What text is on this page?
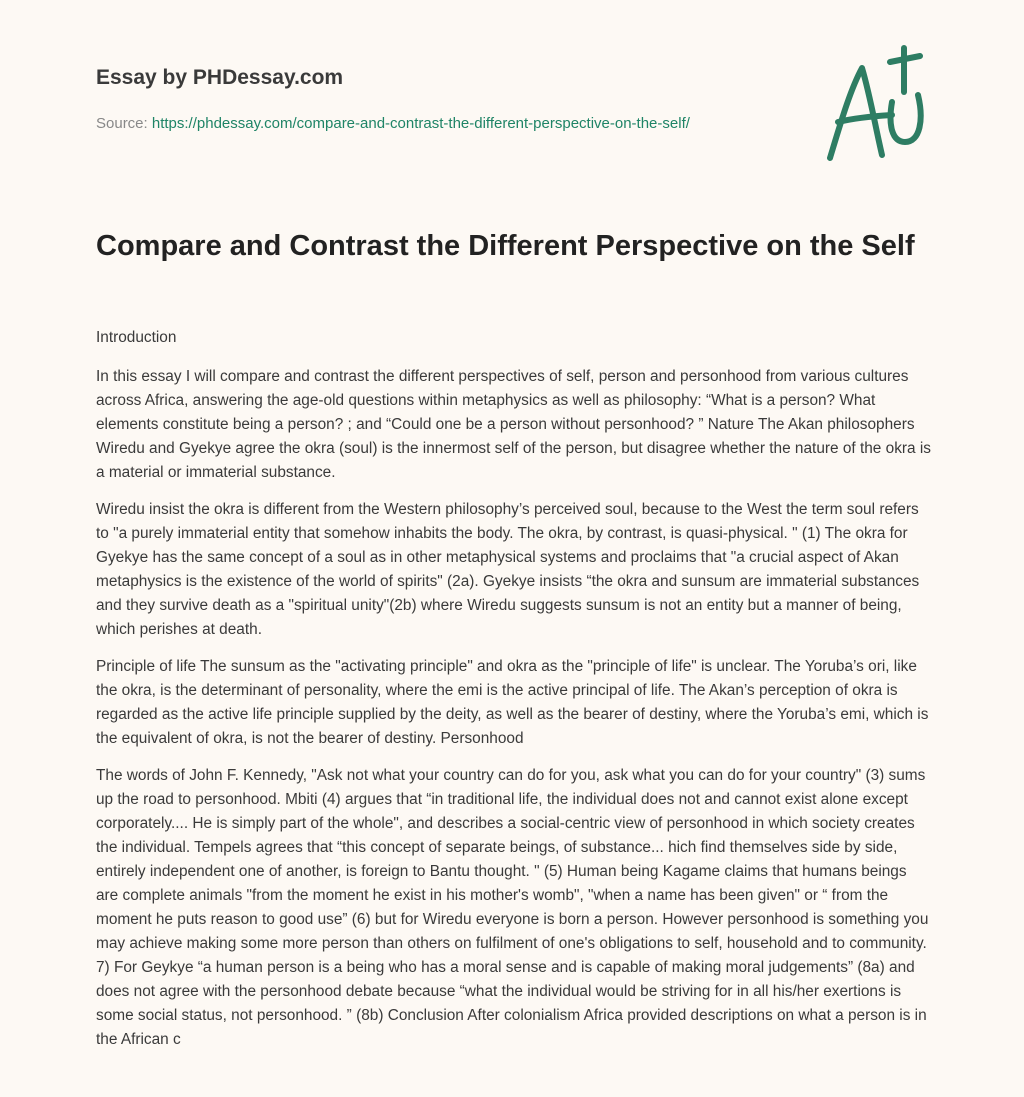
Essay by PHDessay.com
Source: https://phdessay.com/compare-and-contrast-the-different-perspective-on-the-self/
Compare and Contrast the Different Perspective on the Self

Introduction

In this essay I will compare and contrast the different perspectives of self, person and personhood from various cultures across Africa, answering the age-old questions within metaphysics as well as philosophy: “What is a person? What elements constitute being a person? ; and “Could one be a person without personhood? ” Nature The Akan philosophers Wiredu and Gyekye agree the okra (soul) is the innermost self of the person, but disagree whether the nature of the okra is a material or immaterial substance.

Wiredu insist the okra is different from the Western philosophy’s perceived soul, because to the West the term soul refers to "a purely immaterial entity that somehow inhabits the body. The okra, by contrast, is quasi-physical. " (1) The okra for Gyekye has the same concept of a soul as in other metaphysical systems and proclaims that "a crucial aspect of Akan metaphysics is the existence of the world of spirits" (2a). Gyekye insists “the okra and sunsum are immaterial substances and they survive death as a "spiritual unity"(2b) where Wiredu suggests sunsum is not an entity but a manner of being, which perishes at death.

Principle of life The sunsum as the "activating principle" and okra as the "principle of life" is unclear. The Yoruba’s ori, like the okra, is the determinant of personality, where the emi is the active principal of life. The Akan’s perception of okra is regarded as the active life principle supplied by the deity, as well as the bearer of destiny, where the Yoruba’s emi, which is the equivalent of okra, is not the bearer of destiny. Personhood

The words of John F. Kennedy, "Ask not what your country can do for you, ask what you can do for your country" (3) sums up the road to personhood. Mbiti (4) argues that “in traditional life, the individual does not and cannot exist alone except corporately.... He is simply part of the whole", and describes a social-centric view of personhood in which society creates the individual. Tempels agrees that “this concept of separate beings, of substance... hich find themselves side by side, entirely independent one of another, is foreign to Bantu thought. " (5) Human being Kagame claims that humans beings are complete animals "from the moment he exist in his mother's womb", "when a name has been given" or “ from the moment he puts reason to good use” (6) but for Wiredu everyone is born a person. However personhood is something you may achieve making some more person than others on fulfilment of one's obligations to self, household and to community. 7) For Geykye “a human person is a being who has a moral sense and is capable of making moral judgements” (8a) and does not agree with the personhood debate because “what the individual would be striving for in all his/her exertions is some social status, not personhood. ” (8b) Conclusion After colonialism Africa provided descriptions on what a person is in the African c
